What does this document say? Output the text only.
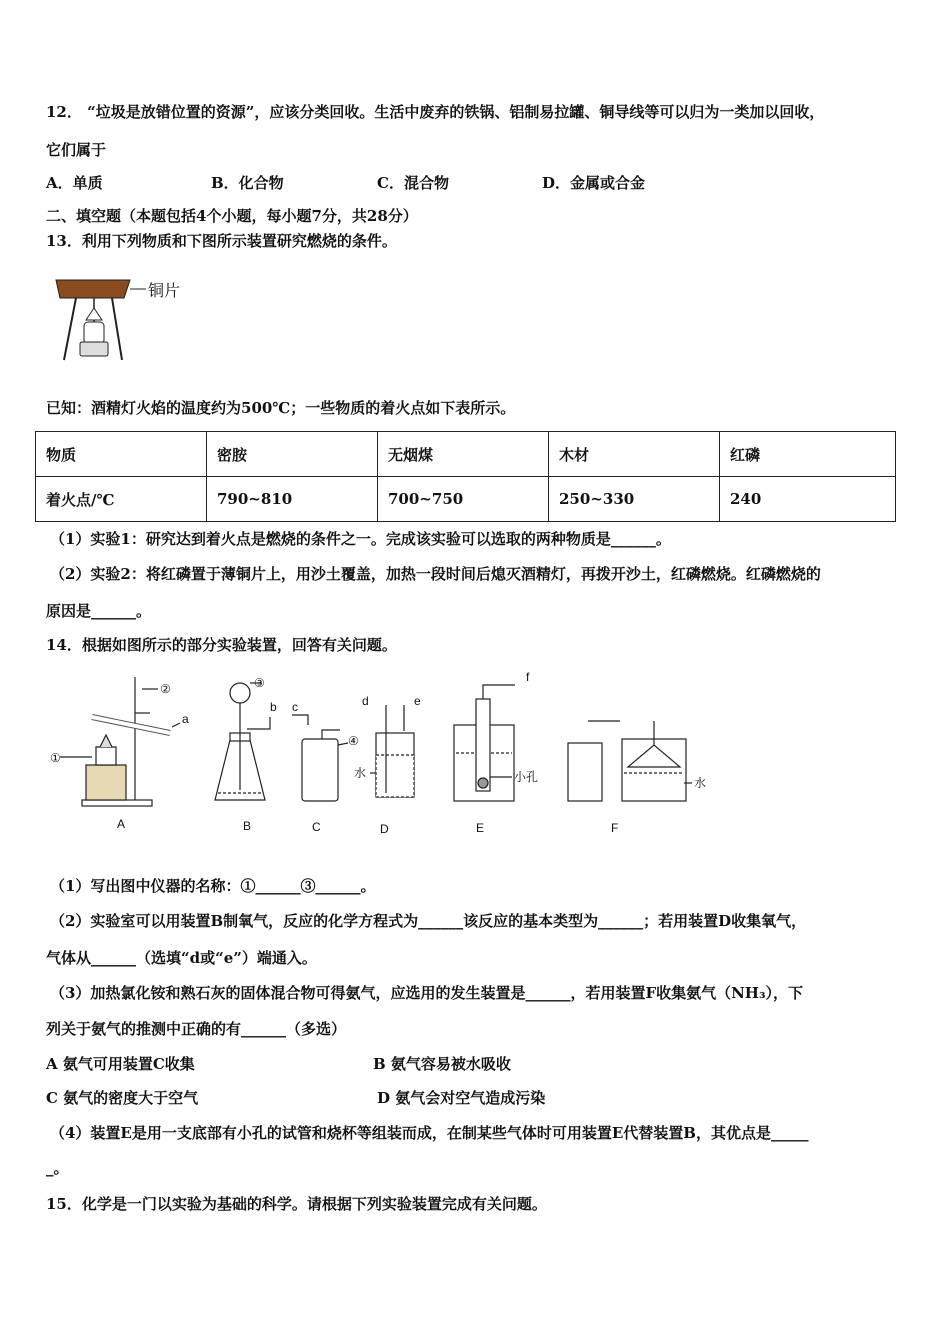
12． “垃圾是放错位置的资源”，应该分类回收。生活中废弃的铁锅、铝制易拉罐、铜导线等可以归为一类加以回收，
它们属于
A．单质	B．化合物	C．混合物	D．金属或合金
二、填空题（本题包括4个小题，每小题7分，共28分）
13．利用下列物质和下图所示装置研究燃烧的条件。
铜片
已知：酒精灯火焰的温度约为500℃；一些物质的着火点如下表所示。
物质	密胺	无烟煤	木材	红磷
着火点/℃	790~810	700~750	250~330	240
（1）实验1：研究达到着火点是燃烧的条件之一。完成该实验可以选取的两种物质是______。
（2）实验2：将红磷置于薄铜片上，用沙土覆盖，加热一段时间后熄灭酒精灯，再拨开沙土，红磷燃烧。红磷燃烧的
原因是______。
14．根据如图所示的部分实验装置，回答有关问题。
①
②	③
④
a
b c	d	e
f
水	小孔	水
A	B	C	D	E	F
（1）写出图中仪器的名称：①______③______。
（2）实验室可以用装置B制氧气，反应的化学方程式为______该反应的基本类型为______；若用装置D收集氧气，
气体从______（选填“d或“e”）端通入。
（3）加热氯化铵和熟石灰的固体混合物可得氨气，应选用的发生装置是______，若用装置F收集氨气（NH₃），下
列关于氨气的推测中正确的有______（多选）
A 氨气可用装置C收集	B 氨气容易被水吸收
C 氨气的密度大于空气	D 氨气会对空气造成污染
（4）装置E是用一支底部有小孔的试管和烧杯等组装而成，在制某些气体时可用装置E代替装置B，其优点是_____
_。
15．化学是一门以实验为基础的科学。请根据下列实验装置完成有关问题。
